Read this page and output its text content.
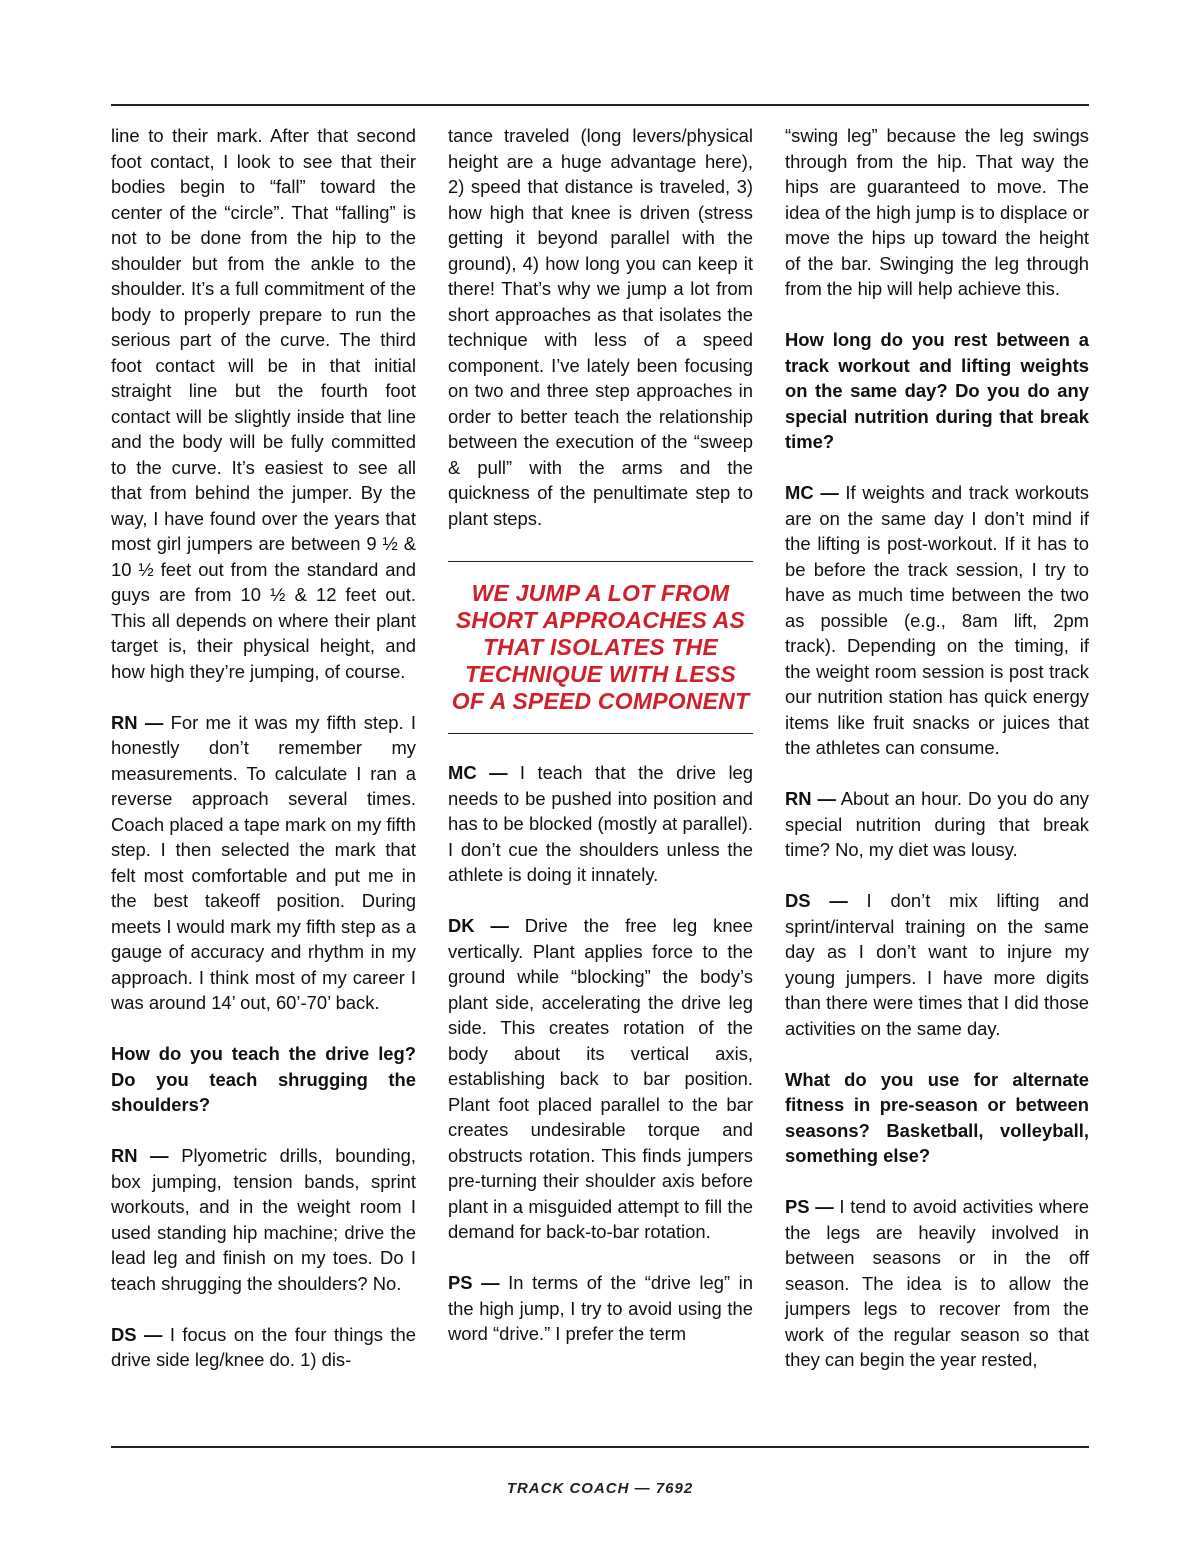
line to their mark. After that second foot contact, I look to see that their bodies begin to “fall” toward the center of the “circle”. That “falling” is not to be done from the hip to the shoulder but from the ankle to the shoulder. It’s a full commitment of the body to properly prepare to run the serious part of the curve. The third foot contact will be in that initial straight line but the fourth foot contact will be slightly inside that line and the body will be fully committed to the curve. It’s easiest to see all that from behind the jumper. By the way, I have found over the years that most girl jumpers are between 9 ½ & 10 ½ feet out from the standard and guys are from 10 ½ & 12 feet out. This all depends on where their plant target is, their physical height, and how high they’re jumping, of course.

RN — For me it was my fifth step. I honestly don’t remember my measurements. To calculate I ran a reverse approach several times. Coach placed a tape mark on my fifth step. I then selected the mark that felt most comfortable and put me in the best takeoff position. During meets I would mark my fifth step as a gauge of accuracy and rhythm in my approach. I think most of my career I was around 14’ out, 60’-70’ back.

How do you teach the drive leg? Do you teach shrugging the shoulders?

RN — Plyometric drills, bounding, box jumping, tension bands, sprint workouts, and in the weight room I used standing hip machine; drive the lead leg and finish on my toes. Do I teach shrugging the shoulders? No.

DS — I focus on the four things the drive side leg/knee do. 1) dis-

tance traveled (long levers/physical height are a huge advantage here), 2) speed that distance is traveled, 3) how high that knee is driven (stress getting it beyond parallel with the ground), 4) how long you can keep it there! That’s why we jump a lot from short approaches as that isolates the technique with less of a speed component. I’ve lately been focusing on two and three step approaches in order to better teach the relationship between the execution of the “sweep & pull” with the arms and the quickness of the penultimate step to plant steps.

WE JUMP A LOT FROM SHORT APPROACHES AS THAT ISOLATES THE TECHNIQUE WITH LESS OF A SPEED COMPONENT

MC — I teach that the drive leg needs to be pushed into position and has to be blocked (mostly at parallel). I don’t cue the shoulders unless the athlete is doing it innately.

DK — Drive the free leg knee vertically. Plant applies force to the ground while “blocking” the body’s plant side, accelerating the drive leg side. This creates rotation of the body about its vertical axis, establishing back to bar position. Plant foot placed parallel to the bar creates undesirable torque and obstructs rotation. This finds jumpers pre-turning their shoulder axis before plant in a misguided attempt to fill the demand for back-to-bar rotation.

PS — In terms of the “drive leg” in the high jump, I try to avoid using the word “drive.” I prefer the term

“swing leg” because the leg swings through from the hip. That way the hips are guaranteed to move. The idea of the high jump is to displace or move the hips up toward the height of the bar. Swinging the leg through from the hip will help achieve this.

How long do you rest between a track workout and lifting weights on the same day? Do you do any special nutrition during that break time?

MC — If weights and track workouts are on the same day I don’t mind if the lifting is post-workout. If it has to be before the track session, I try to have as much time between the two as possible (e.g., 8am lift, 2pm track). Depending on the timing, if the weight room session is post track our nutrition station has quick energy items like fruit snacks or juices that the athletes can consume.

RN — About an hour. Do you do any special nutrition during that break time? No, my diet was lousy.

DS — I don’t mix lifting and sprint/interval training on the same day as I don’t want to injure my young jumpers. I have more digits than there were times that I did those activities on the same day.

What do you use for alternate fitness in pre-season or between seasons? Basketball, volleyball, something else?

PS — I tend to avoid activities where the legs are heavily involved in between seasons or in the off season. The idea is to allow the jumpers legs to recover from the work of the regular season so that they can begin the year rested,

TRACK COACH — 7692
